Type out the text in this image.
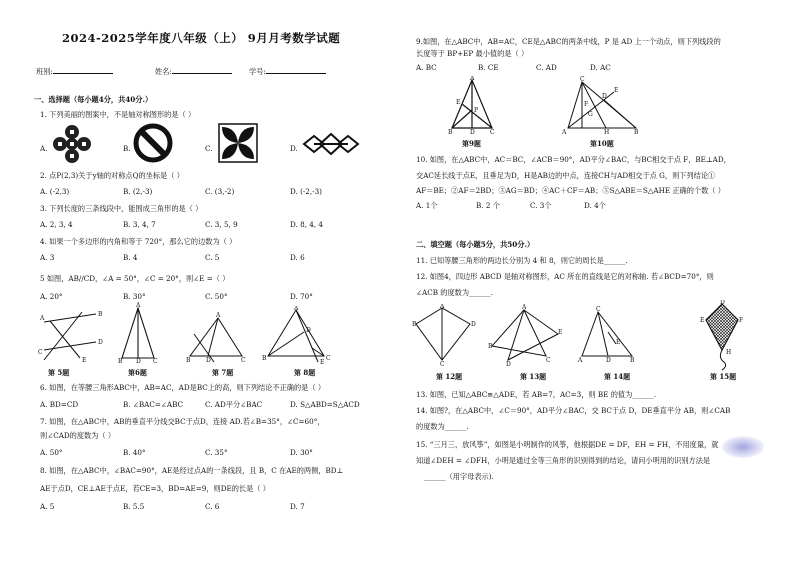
2024-2025学年度八年级（上） 9月月考数学试题
班别:	姓名:	学号:
一、选择题（每小题4分，共40分.）
1. 下列美丽的图案中，不是轴对称图形的是（ ）
A.	B.	C.	D.
2. 点P(2,3)关于y轴的对称点Q的坐标是（ ）
A. (-2,3)	B. (2,-3)	C. (3,-2)	D. (-2,-3)
3. 下列长度的三条线段中，能围成三角形的是（ ）
A. 2, 3, 4	B. 3, 4, 7	C. 3, 5, 9	D. 8, 4, 4
4. 如果一个多边形的内角和等于 720°，那么它的边数为（ ）
A. 3	B. 4	C. 5	D. 6
5 如图，AB//CD，∠A = 50°，∠C = 20°，则∠E =（ ）
A. 20°	B. 30°	C. 50°	D. 70°
A
B
C
D
E
A
B D C
A
B	D	C
A
B	C
D
E
第 5题	第6题	第 7题	第 8题
6. 如图，在等腰三角形ABC中，AB=AC，AD是BC上的高，则下列结论不正确的是（ ）
A. BD=CD	B. ∠BAC=∠ABC	C. AD平分∠BAC	D. S△ABD=S△ACD
7. 如图，在△ABC中，AB的垂直平分线交BC于点D，连接 AD.若∠B=35°，∠C=60°，
则∠CAD的度数为（ ）
A. 50°	B. 40°	C. 35°	D. 30°
8. 如图，在△ABC中，∠BAC=90°，AE是经过点A的一条线段，且 B，C 在AE的两侧，BD⊥
AE于点D，CE⊥AE于点E，若CE=3，BD=AE=9，则DE的长是（ ）
A. 5	B. 5.5	C. 6	D. 7
9.如图，在△ABC中，AB=AC，CE是△ABC的两条中线，P 是 AD 上一个动点，则下列线段的
长度等于 BP+EP 最小值的是（ ）
A. BC	B. CE	C. AD	D. AC
A
B	D	C
E
P
C
A	B
H
E
F
D
G
第9题	第10题
10. 如图，在△ABC中，AC＝BC，∠ACB＝90°，AD平分∠BAC，与BC相交于点 F，BE⊥AD，
交AC延长线于点E，且垂足为D，H是AB边的中点，连接CH与AD相交于点 G，则下列结论①
AF＝BE；②AF＝2BD；③AG＝BD；④AC＋CF＝AB；⑤S△ABE＝S△AHE 正确的个数（ ）
A. 1个	B. 2 个	C. 3个	D. 4个
二、填空题（每小题5分，共50分.）
11. 已知等腰三角形的两边长分别为 4 和 8，则它的周长是______.
12. 如图4，四边形 ABCD 是轴对称图形，AC 所在的直线是它的对称轴. 若∠BCD=70°，则
∠ACB 的度数为______.
A
B	D
C
A
B
C
D
E
C
A	D	B
E
D
E	F
H
第 12题	第 13题	第 14题	第 15题
13. 如图，已知△ABC≌△ADE，若 AB=7，AC=3，则 BE 的值为______.
14. 如图?，在△ABC中，∠C＝90°，AD平分∠BAC，交 BC于点 D，DE垂直平分 AB，则∠CAB
的度数为______.
15. “三月三，放风筝”，如图是小明制作的风筝，他根据DE = DF，EH = FH，不用度量，就
知道∠DEH = ∠DFH，小明是通过全等三角形的识别得到的结论，请问小明用的识别方法是
______（用字母表示).
